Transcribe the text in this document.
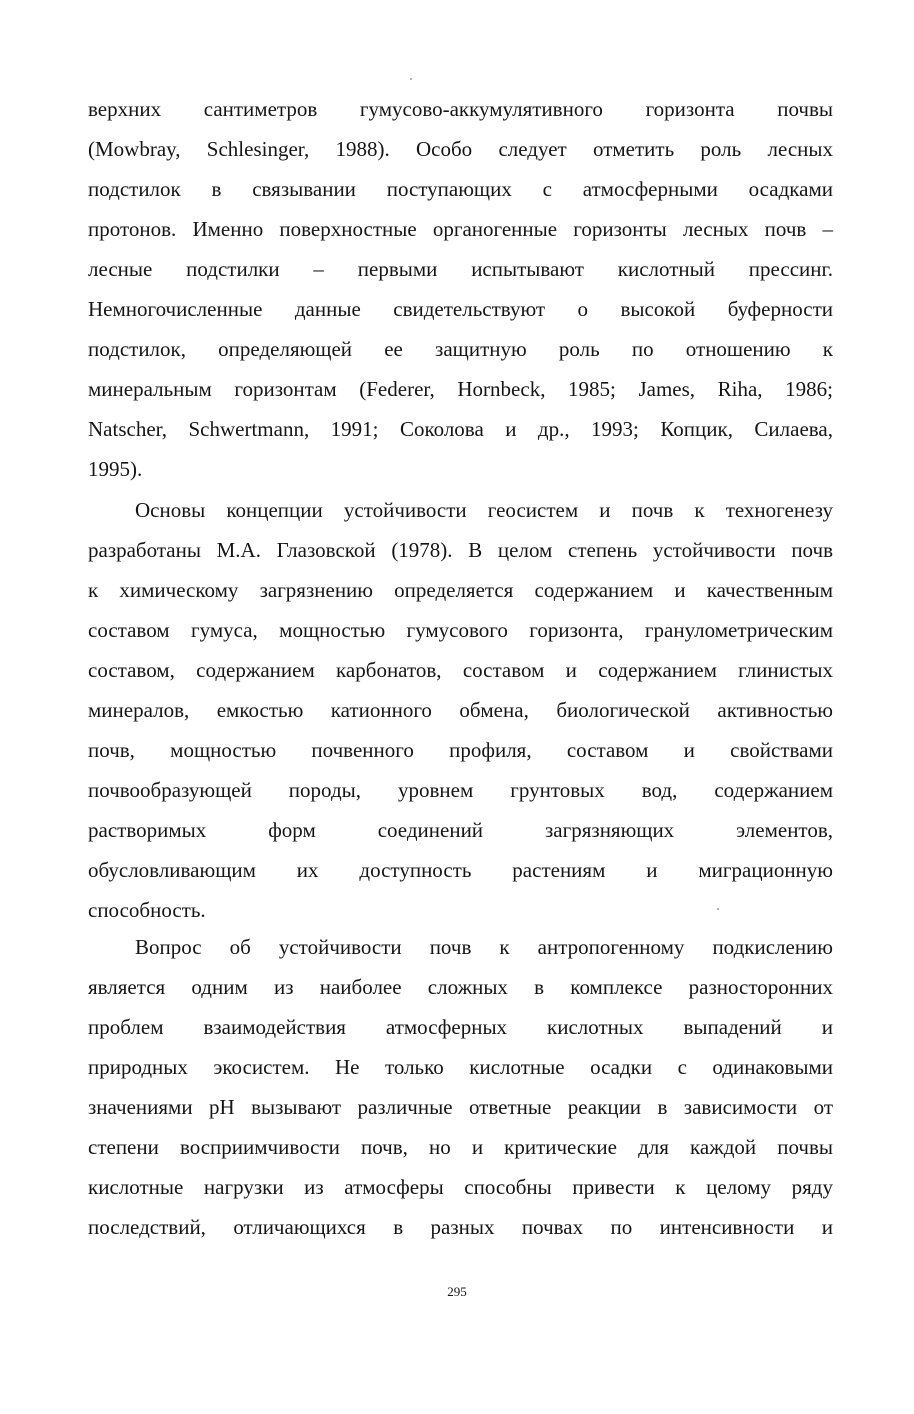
верхних сантиметров гумусово-аккумулятивного горизонта почвы
(Mowbray, Schlesinger, 1988). Особо следует отметить роль лесных
подстилок в связывании поступающих с атмосферными осадками
протонов. Именно поверхностные органогенные горизонты лесных почв –
лесные подстилки – первыми испытывают кислотный прессинг.
Немногочисленные данные свидетельствуют о высокой буферности
подстилок, определяющей ее защитную роль по отношению к
минеральным горизонтам (Federer, Hornbeck, 1985; James, Riha, 1986;
Natscher, Schwertmann, 1991; Соколова и др., 1993; Копцик, Силаева,
1995).
Основы концепции устойчивости геосистем и почв к техногенезу
разработаны М.А. Глазовской (1978). В целом степень устойчивости почв
к химическому загрязнению определяется содержанием и качественным
составом гумуса, мощностью гумусового горизонта, гранулометрическим
составом, содержанием карбонатов, составом и содержанием глинистых
минералов, емкостью катионного обмена, биологической активностью
почв, мощностью почвенного профиля, составом и свойствами
почвообразующей породы, уровнем грунтовых вод, содержанием
растворимых форм соединений загрязняющих элементов,
обусловливающим их доступность растениям и миграционную
способность.
Вопрос об устойчивости почв к антропогенному подкислению
является одним из наиболее сложных в комплексе разносторонних
проблем взаимодействия атмосферных кислотных выпадений и
природных экосистем. Не только кислотные осадки с одинаковыми
значениями pH вызывают различные ответные реакции в зависимости от
степени восприимчивости почв, но и критические для каждой почвы
кислотные нагрузки из атмосферы способны привести к целому ряду
последствий, отличающихся в разных почвах по интенсивности и
295
